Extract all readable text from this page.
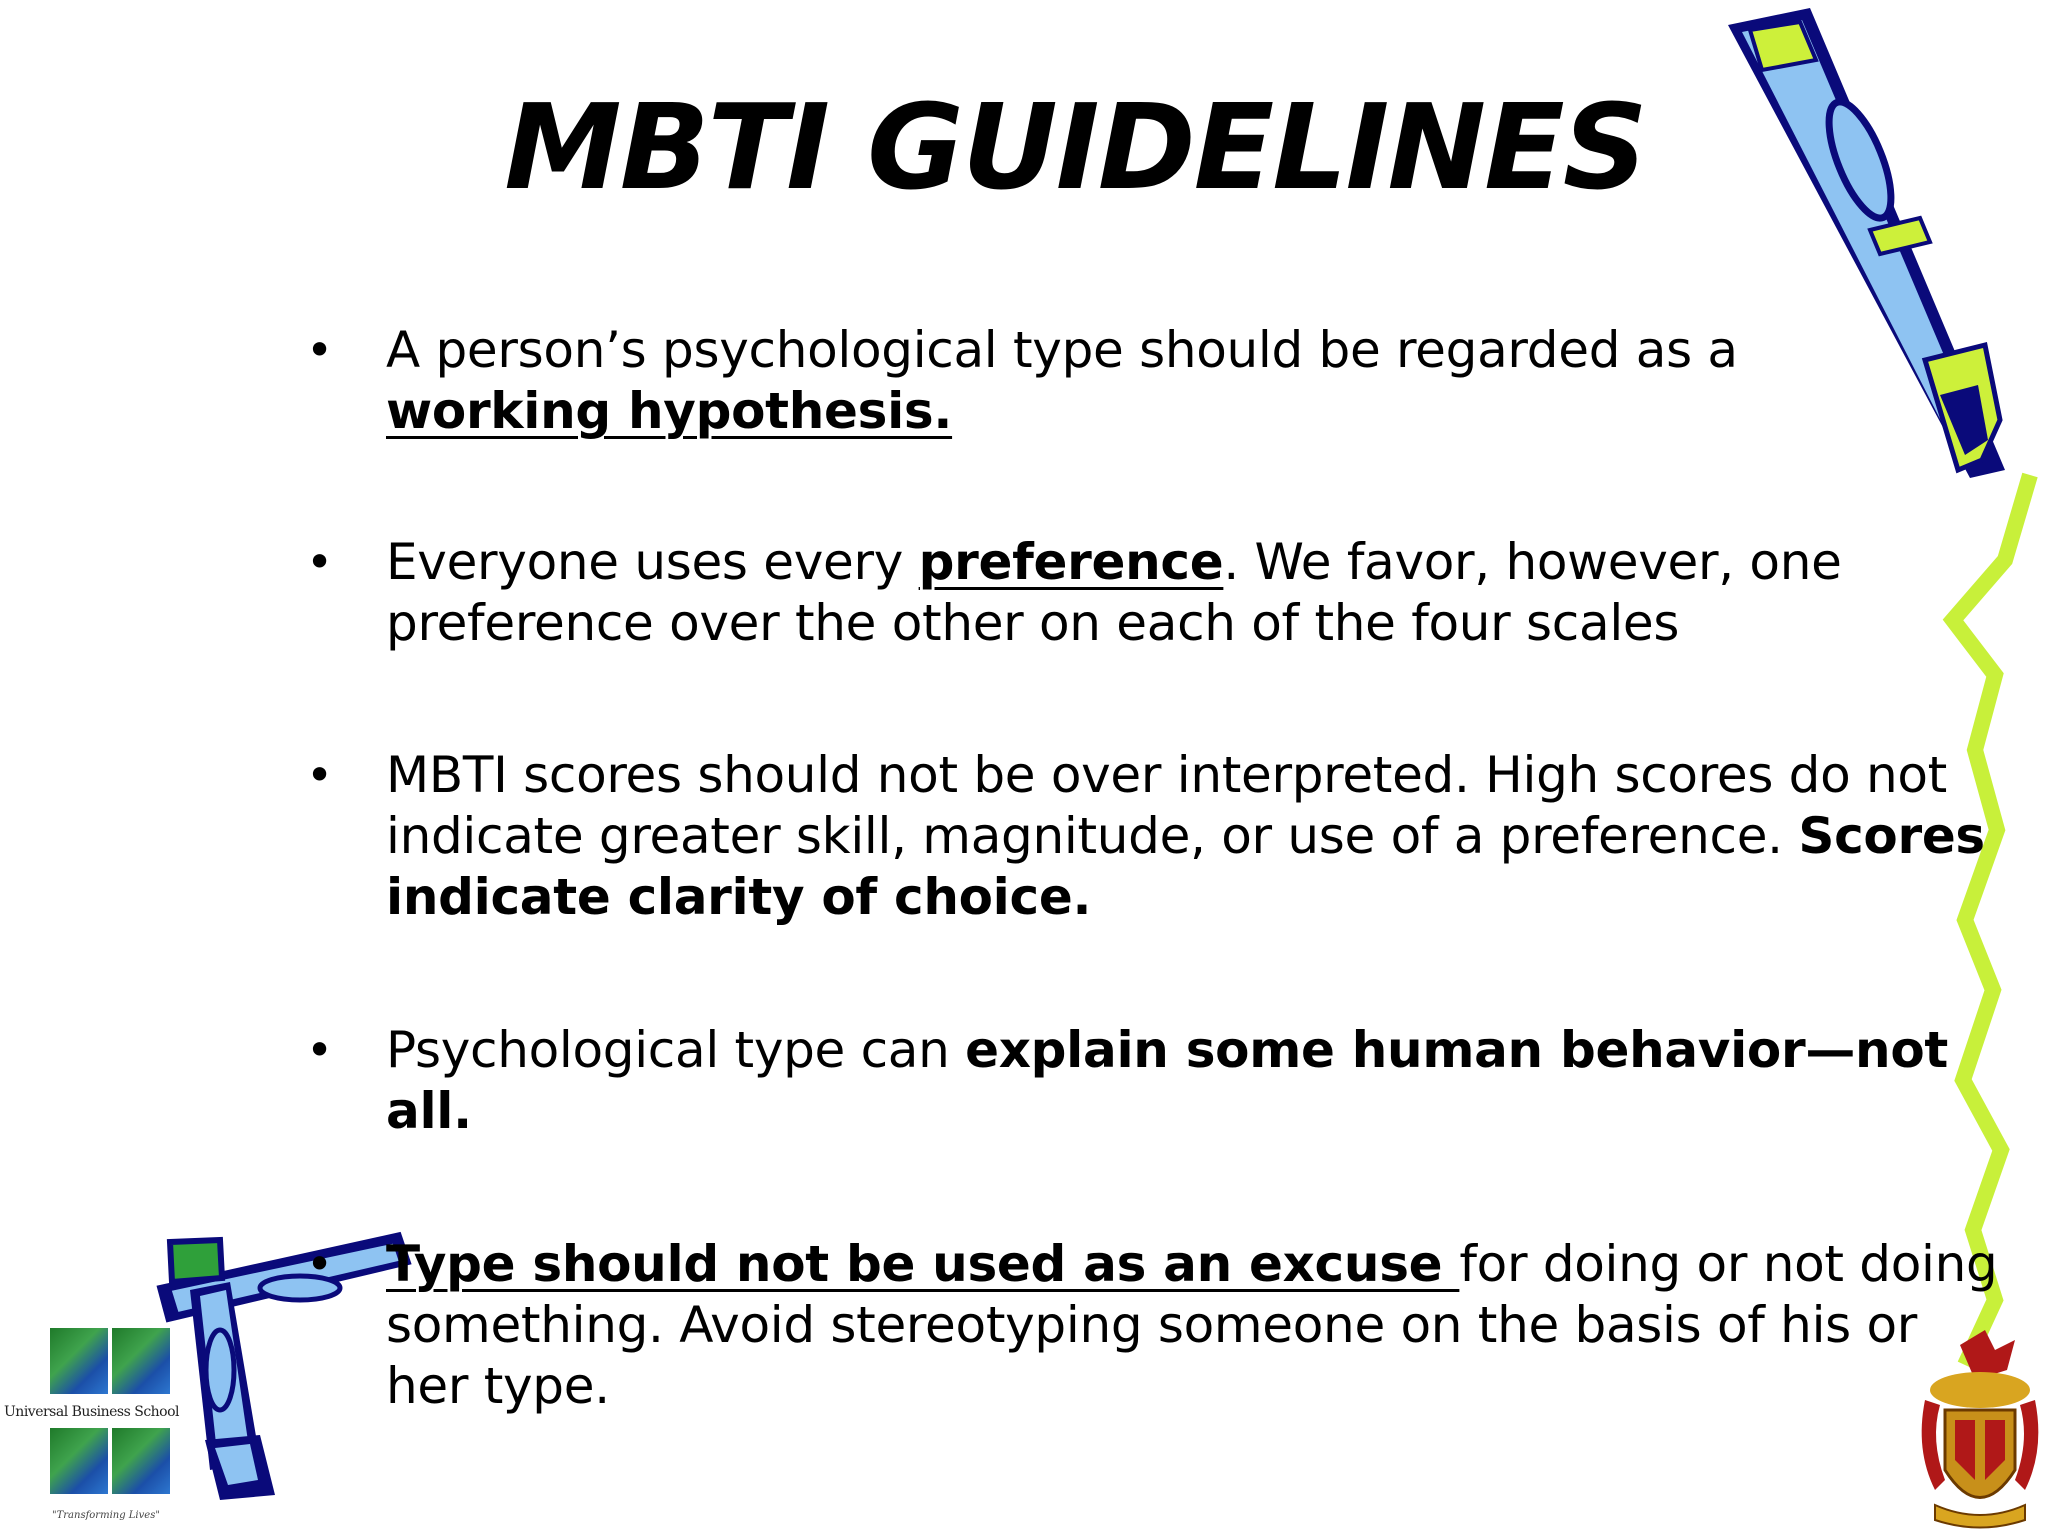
MBTI GUIDELINES
• A person’s psychological type should be regarded as a
working hypothesis.
• Everyone uses every preference. We favor, however, one preference over the other on each of the four scales
• MBTI scores should not be over interpreted. High scores do not indicate greater skill, magnitude, or use of a preference. Scores indicate clarity of choice.
• Psychological type can explain some human behavior—not all.
• Type should not be used as an excuse for doing or not doing something. Avoid stereotyping someone on the basis of his or her type.
Universal Business School
"Transforming Lives"
